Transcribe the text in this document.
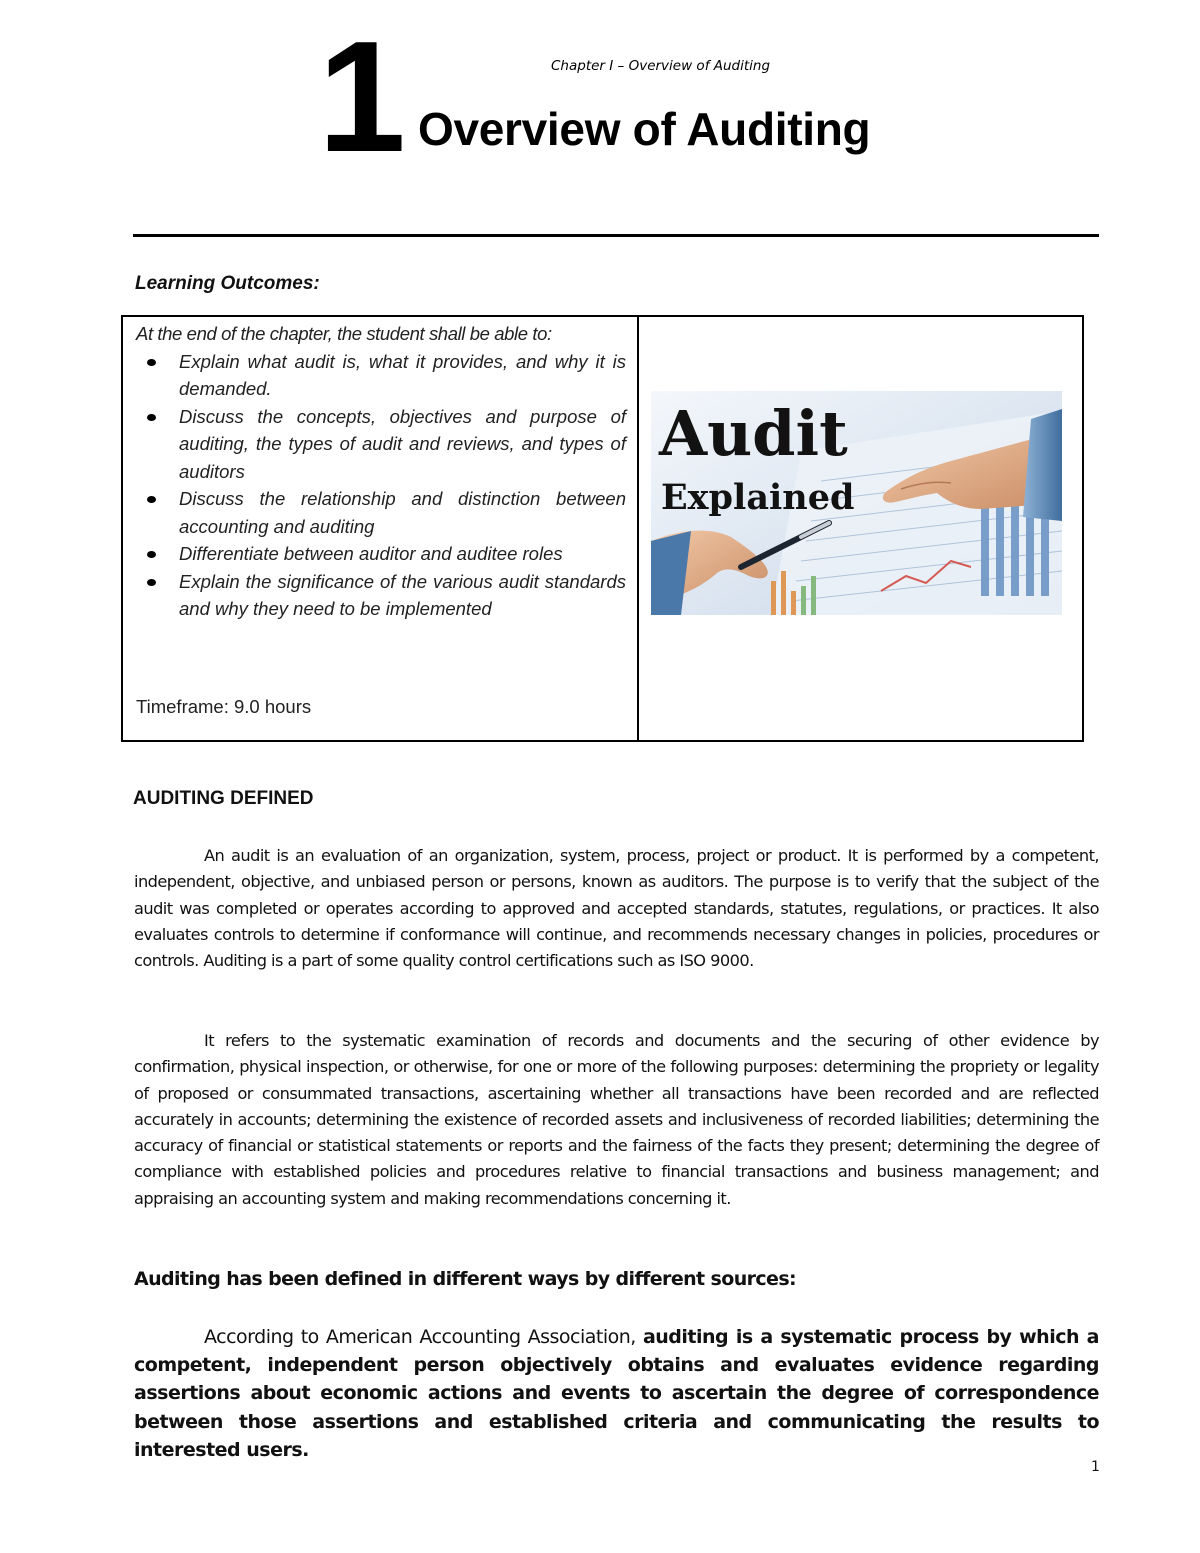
1	Chapter I – Overview of Auditing
Overview of Auditing
Learning Outcomes:
At the end of the chapter, the student shall be able to:
Explain what audit is, what it provides, and why it is demanded.
Discuss the concepts, objectives and purpose of auditing, the types of audit and reviews, and types of auditors
Discuss the relationship and distinction between accounting and auditing
Differentiate between auditor and auditee roles
Explain the significance of the various audit standards and why they need to be implemented
Timeframe: 9.0 hours
Audit
Explained
AUDITING DEFINED
An audit is an evaluation of an organization, system, process, project or product. It is performed by a competent, independent, objective, and unbiased person or persons, known as auditors. The purpose is to verify that the subject of the audit was completed or operates according to approved and accepted standards, statutes, regulations, or practices. It also evaluates controls to determine if conformance will continue, and recommends necessary changes in policies, procedures or controls. Auditing is a part of some quality control certifications such as ISO 9000.
It refers to the systematic examination of records and documents and the securing of other evidence by confirmation, physical inspection, or otherwise, for one or more of the following purposes: determining the propriety or legality of proposed or consummated transactions, ascertaining whether all transactions have been recorded and are reflected accurately in accounts; determining the existence of recorded assets and inclusiveness of recorded liabilities; determining the accuracy of financial or statistical statements or reports and the fairness of the facts they present; determining the degree of compliance with established policies and procedures relative to financial transactions and business management; and appraising an accounting system and making recommendations concerning it.
Auditing has been defined in different ways by different sources:
According to American Accounting Association, auditing is a systematic process by which a competent, independent person objectively obtains and evaluates evidence regarding assertions about economic actions and events to ascertain the degree of correspondence between those assertions and established criteria and communicating the results to interested users.
1
